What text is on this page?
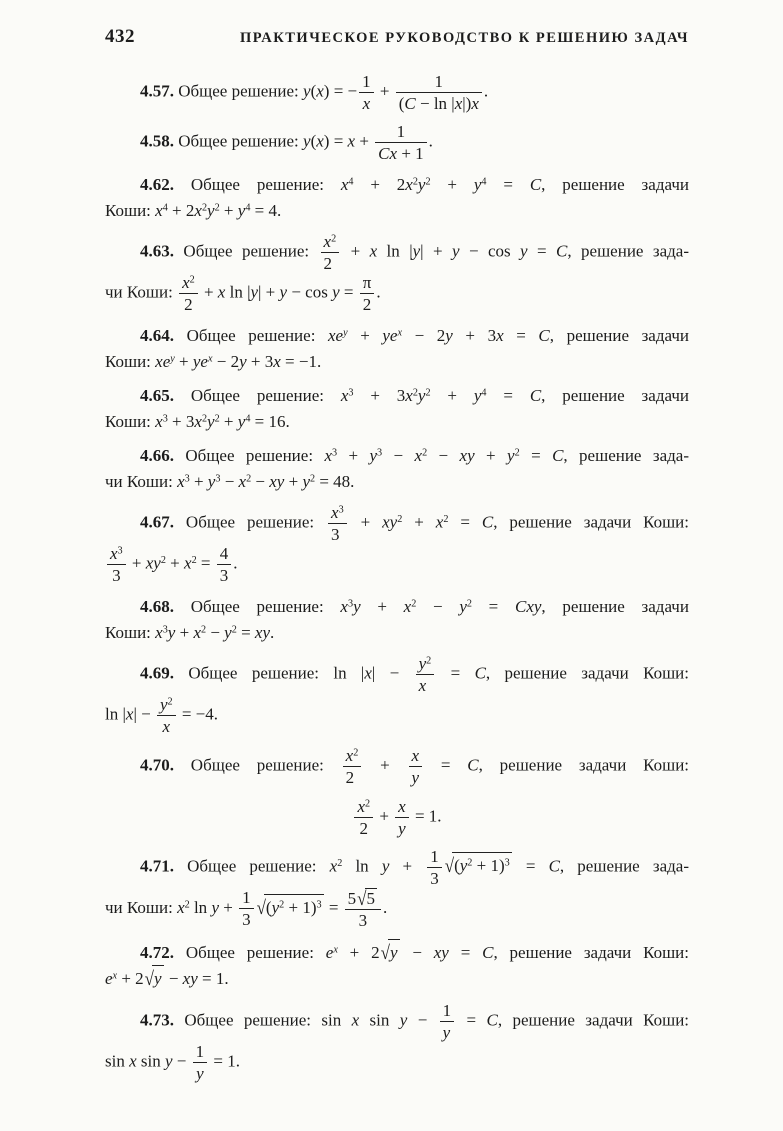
432	ПРАКТИЧЕСКОЕ РУКОВОДСТВО К РЕШЕНИЮ ЗАДАЧ
4.57. Общее решение: y(x) = − $\frac{1}{x} + \frac{1}{(C - \ln |x|)x}$ .
4.58. Общее решение: $y(x) = x + \frac{1}{Cx + 1}$ .
4.62. Общее решение: $x^4 + 2x^2y^2 + y^4 = C$, решение задачи
Коши: $x^4 + 2x^2y^2 + y^4 = 4$.
4.63. Общее решение: $\frac{x^2}{2} + x$ ln |y| + y − cos y = C, решение зада-
чи Коши: $\frac{x^2}{2} + x$ $\ln |y| + y - \cos y = \frac{\pi}{2}$ .
4.64. Общее решение: $xe^y + ye^x - 2y + 3x = C$, решение задачи
Коши: $xe^y + ye^x - 2y + 3x = -1$.
4.65. Общее решение: $x^3 + 3x^2y^2 + y^4 = C$, решение задачи
Коши: $x^3 + 3x^2y^2 + y^4 = 16$.
4.66. Общее решение: $x^3 + y^3 - x^2$ − xy + $y^2 = C$, решение зада-
чи Коши: $x^3 + y^3 - x^2$ − xy + $y^2 = 48$.
4.67. Общее решение: $\frac{x^3}{3} + xy^2 + x^2 = C$, решение задачи Коши:
$\frac{x^3}{3} + xy^2 + x^2 = \frac{4}{3}$ .
4.68. Общее решение: $x^3y + x^2 - y^2$ = Cxy, решение задачи
Коши: $x^3y + x^2 - y^2$ = xy.
4.69. Общее решение: $\ln |x| - \frac{y^2}{x} = C$, решение задачи Коши:
$\ln |x| - \frac{y^2}{x} = -4$.
4.70. Общее решение: $\frac{x^2}{2} + \frac{x}{y} = C$, решение задачи Коши:
$\frac{x^2}{2} + \frac{x}{y} = 1$.
4.71. Общее решение: $x^2$ $\ln y + \frac{1}{3} √(y^2 + 1)^3 = C$, решение зада-
чи Коши: $x^2$ $\ln y + \frac{1}{3} √(y^2 + 1)^3 = \frac{5√5}{3}$ .
4.72. Общее решение: $e^x + 2√y$ − xy = C, решение задачи Коши:
$e^x + 2√y$ − xy = 1.
4.73. Общее решение: sin x $\sin y - \frac{1}{y} = C$, решение задачи Коши:
sin x $\sin y - \frac{1}{y} = 1$.
